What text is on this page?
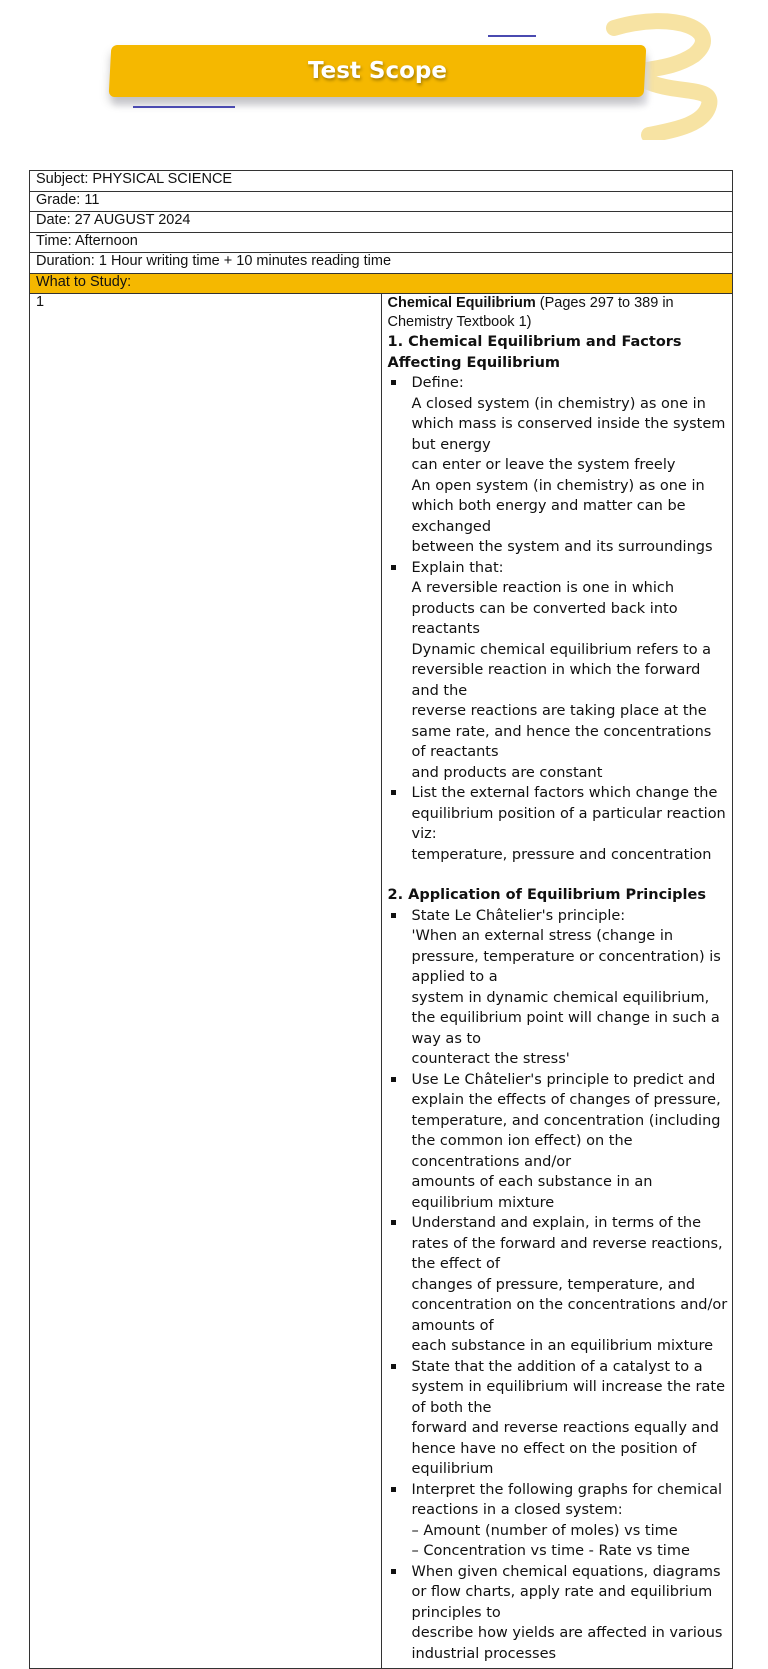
Test Scope
Subject: PHYSICAL SCIENCE
Grade: 11
Date: 27 AUGUST 2024
Time: Afternoon
Duration: 1 Hour writing time + 10 minutes reading time
What to Study:
1	Chemical Equilibrium (Pages 297 to 389 in Chemistry Textbook 1)
1. Chemical Equilibrium and Factors Affecting Equilibrium
Define:
A closed system (in chemistry) as one in which mass is conserved inside the system but energy
can enter or leave the system freely
An open system (in chemistry) as one in which both energy and matter can be exchanged
between the system and its surroundings
Explain that:
A reversible reaction is one in which products can be converted back into reactants
Dynamic chemical equilibrium refers to a reversible reaction in which the forward and the
reverse reactions are taking place at the same rate, and hence the concentrations of reactants
and products are constant
List the external factors which change the equilibrium position of a particular reaction viz:
temperature, pressure and concentration
2. Application of Equilibrium Principles
State Le Châtelier's principle:
'When an external stress (change in pressure, temperature or concentration) is applied to a
system in dynamic chemical equilibrium, the equilibrium point will change in such a way as to
counteract the stress'
Use Le Châtelier's principle to predict and explain the effects of changes of pressure,
temperature, and concentration (including the common ion effect) on the concentrations and/or
amounts of each substance in an equilibrium mixture
Understand and explain, in terms of the rates of the forward and reverse reactions, the effect of
changes of pressure, temperature, and concentration on the concentrations and/or amounts of
each substance in an equilibrium mixture
State that the addition of a catalyst to a system in equilibrium will increase the rate of both the
forward and reverse reactions equally and hence have no effect on the position of equilibrium
Interpret the following graphs for chemical reactions in a closed system:
– Amount (number of moles) vs time
– Concentration vs time - Rate vs time
When given chemical equations, diagrams or flow charts, apply rate and equilibrium principles to
describe how yields are affected in various industrial processes
